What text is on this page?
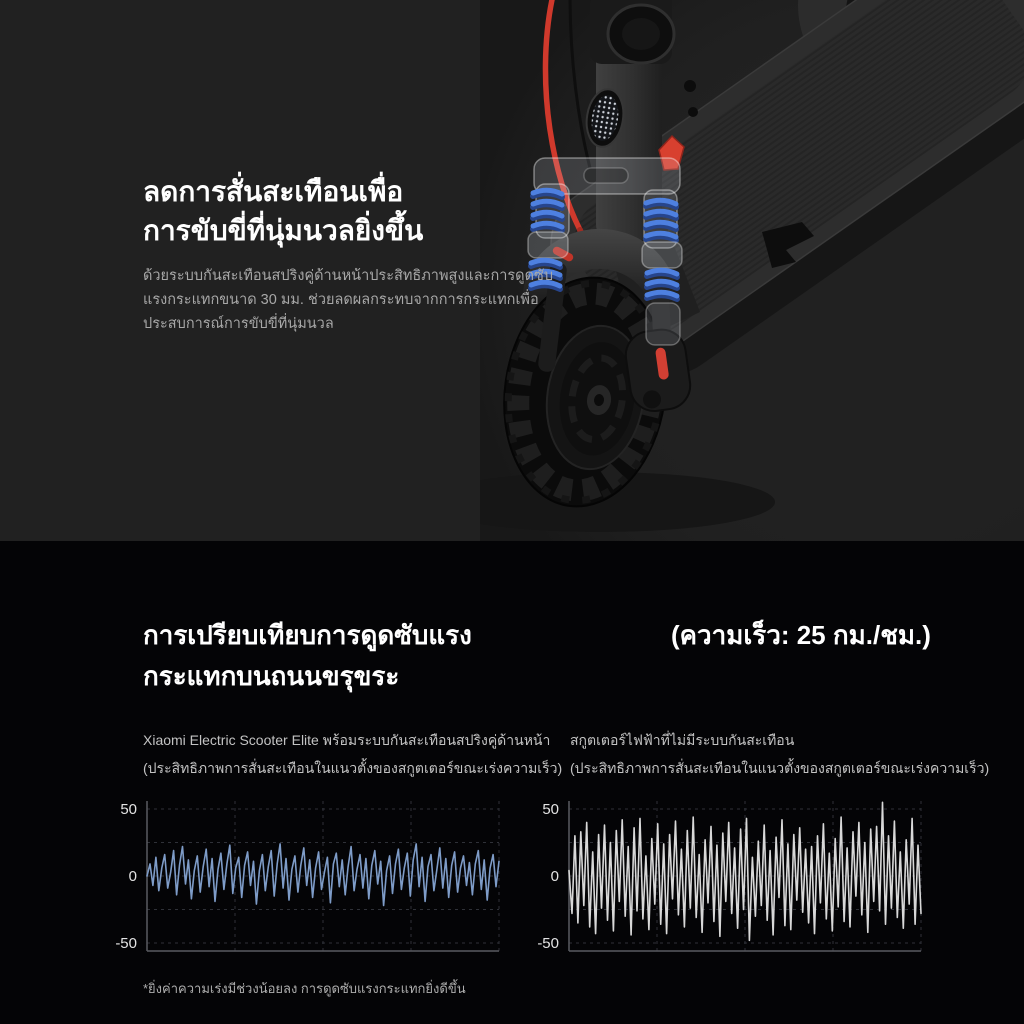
ลดการสั่นสะเทือนเพื่อ
การขับขี่ที่นุ่มนวลยิ่งขึ้น

ด้วยระบบกันสะเทือนสปริงคู่ด้านหน้าประสิทธิภาพสูงและการดูดซับ
แรงกระแทกขนาด 30 มม. ช่วยลดผลกระทบจากการกระแทกเพื่อ
ประสบการณ์การขับขี่ที่นุ่มนวล

การเปรียบเทียบการดูดซับแรง
กระแทกบนถนนขรุขระ
(ความเร็ว: 25 กม./ชม.)

Xiaomi Electric Scooter Elite พร้อมระบบกันสะเทือนสปริงคู่ด้านหน้า
(ประสิทธิภาพการสั่นสะเทือนในแนวตั้งของสกูตเตอร์ขณะเร่งความเร็ว)

สกูตเตอร์ไฟฟ้าที่ไม่มีระบบกันสะเทือน
(ประสิทธิภาพการสั่นสะเทือนในแนวตั้งของสกูตเตอร์ขณะเร่งความเร็ว)

50
0
-50
50
0
-50

*ยิ่งค่าความเร่งมีช่วงน้อยลง การดูดซับแรงกระแทกยิ่งดีขึ้น
